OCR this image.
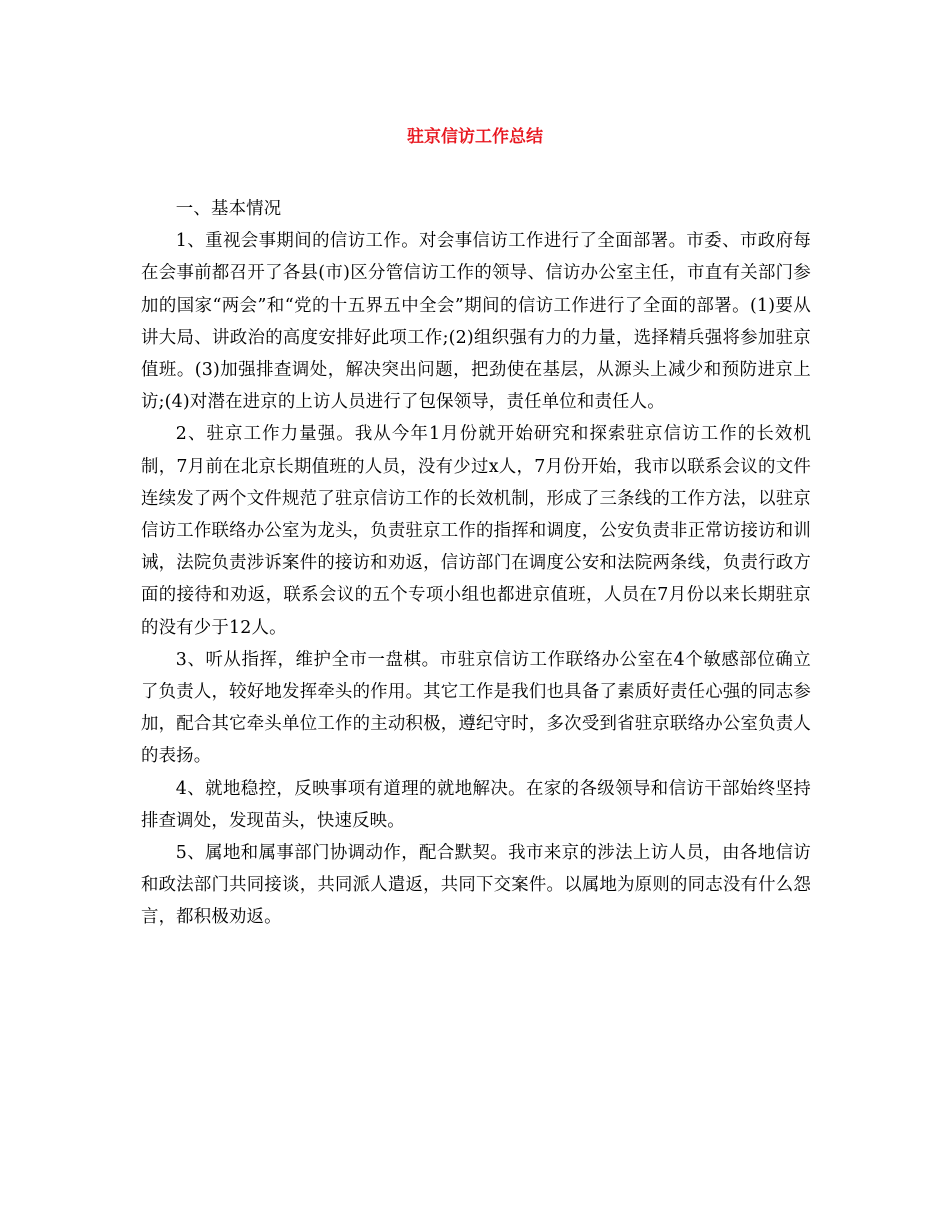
驻京信访工作总结

一、基本情况

1、重视会事期间的信访工作。对会事信访工作进行了全面部署。市委、市政府每在会事前都召开了各县(市)区分管信访工作的领导、信访办公室主任，市直有关部门参加的国家“两会”和“党的十五界五中全会”期间的信访工作进行了全面的部署。(1)要从讲大局、讲政治的高度安排好此项工作;(2)组织强有力的力量，选择精兵强将参加驻京值班。(3)加强排查调处，解决突出问题，把劲使在基层，从源头上减少和预防进京上访;(4)对潜在进京的上访人员进行了包保领导，责任单位和责任人。

2、驻京工作力量强。我从今年1月份就开始研究和探索驻京信访工作的长效机制，7月前在北京长期值班的人员，没有少过x人，7月份开始，我市以联系会议的文件连续发了两个文件规范了驻京信访工作的长效机制，形成了三条线的工作方法，以驻京信访工作联络办公室为龙头，负责驻京工作的指挥和调度，公安负责非正常访接访和训诫，法院负责涉诉案件的接访和劝返，信访部门在调度公安和法院两条线，负责行政方面的接待和劝返，联系会议的五个专项小组也都进京值班，人员在7月份以来长期驻京的没有少于12人。

3、听从指挥，维护全市一盘棋。市驻京信访工作联络办公室在4个敏感部位确立了负责人，较好地发挥牵头的作用。其它工作是我们也具备了素质好责任心强的同志参加，配合其它牵头单位工作的主动积极，遵纪守时，多次受到省驻京联络办公室负责人的表扬。

4、就地稳控，反映事项有道理的就地解决。在家的各级领导和信访干部始终坚持排查调处，发现苗头，快速反映。

5、属地和属事部门协调动作，配合默契。我市来京的涉法上访人员，由各地信访和政法部门共同接谈，共同派人遣返，共同下交案件。以属地为原则的同志没有什么怨言，都积极劝返。
